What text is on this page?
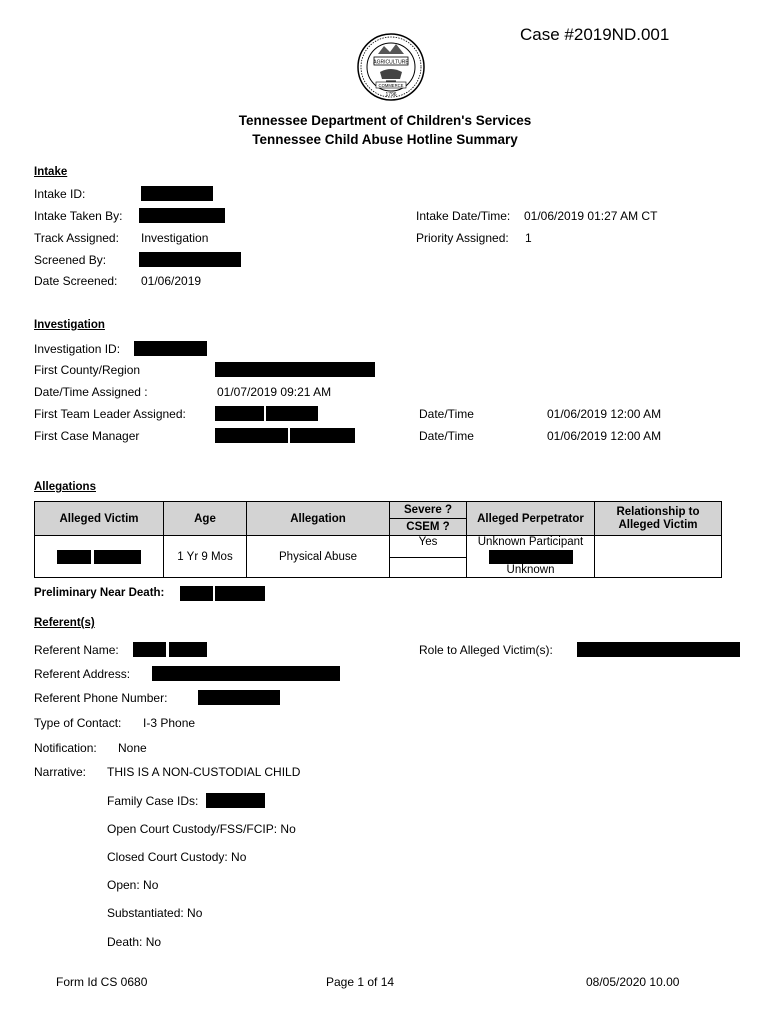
Case #2019ND.001
AGRICULTURE
COMMERCE
1796
Tennessee Department of Children's Services
Tennessee Child Abuse Hotline Summary
Intake
Intake ID:
Intake Taken By:	Intake Date/Time: 01/06/2019 01:27 AM CT
Track Assigned: Investigation	Priority Assigned: 1
Screened By:
Date Screened: 01/06/2019
Investigation
Investigation ID:
First County/Region
Date/Time Assigned :	01/07/2019 09:21 AM
First Team Leader Assigned:	Date/Time	01/06/2019 12:00 AM
First Case Manager	Date/Time	01/06/2019 12:00 AM
Allegations
Alleged Victim	Age	Allegation	Severe ?	Alleged Perpetrator	Relationship to Alleged Victim
			CSEM ?		
	1 Yr 9 Mos	Physical Abuse	Yes	Unknown Participant
Unknown	

Preliminary Near Death:
Referent(s)
Referent Name:	Role to Alleged Victim(s):
Referent Address:
Referent Phone Number:
Type of Contact: I-3 Phone
Notification: None
Narrative: THIS IS A NON-CUSTODIAL CHILD
Family Case IDs:
Open Court Custody/FSS/FCIP: No
Closed Court Custody: No
Open: No
Substantiated: No
Death: No
Form Id CS 0680	Page 1 of 14	08/05/2020 10.00
